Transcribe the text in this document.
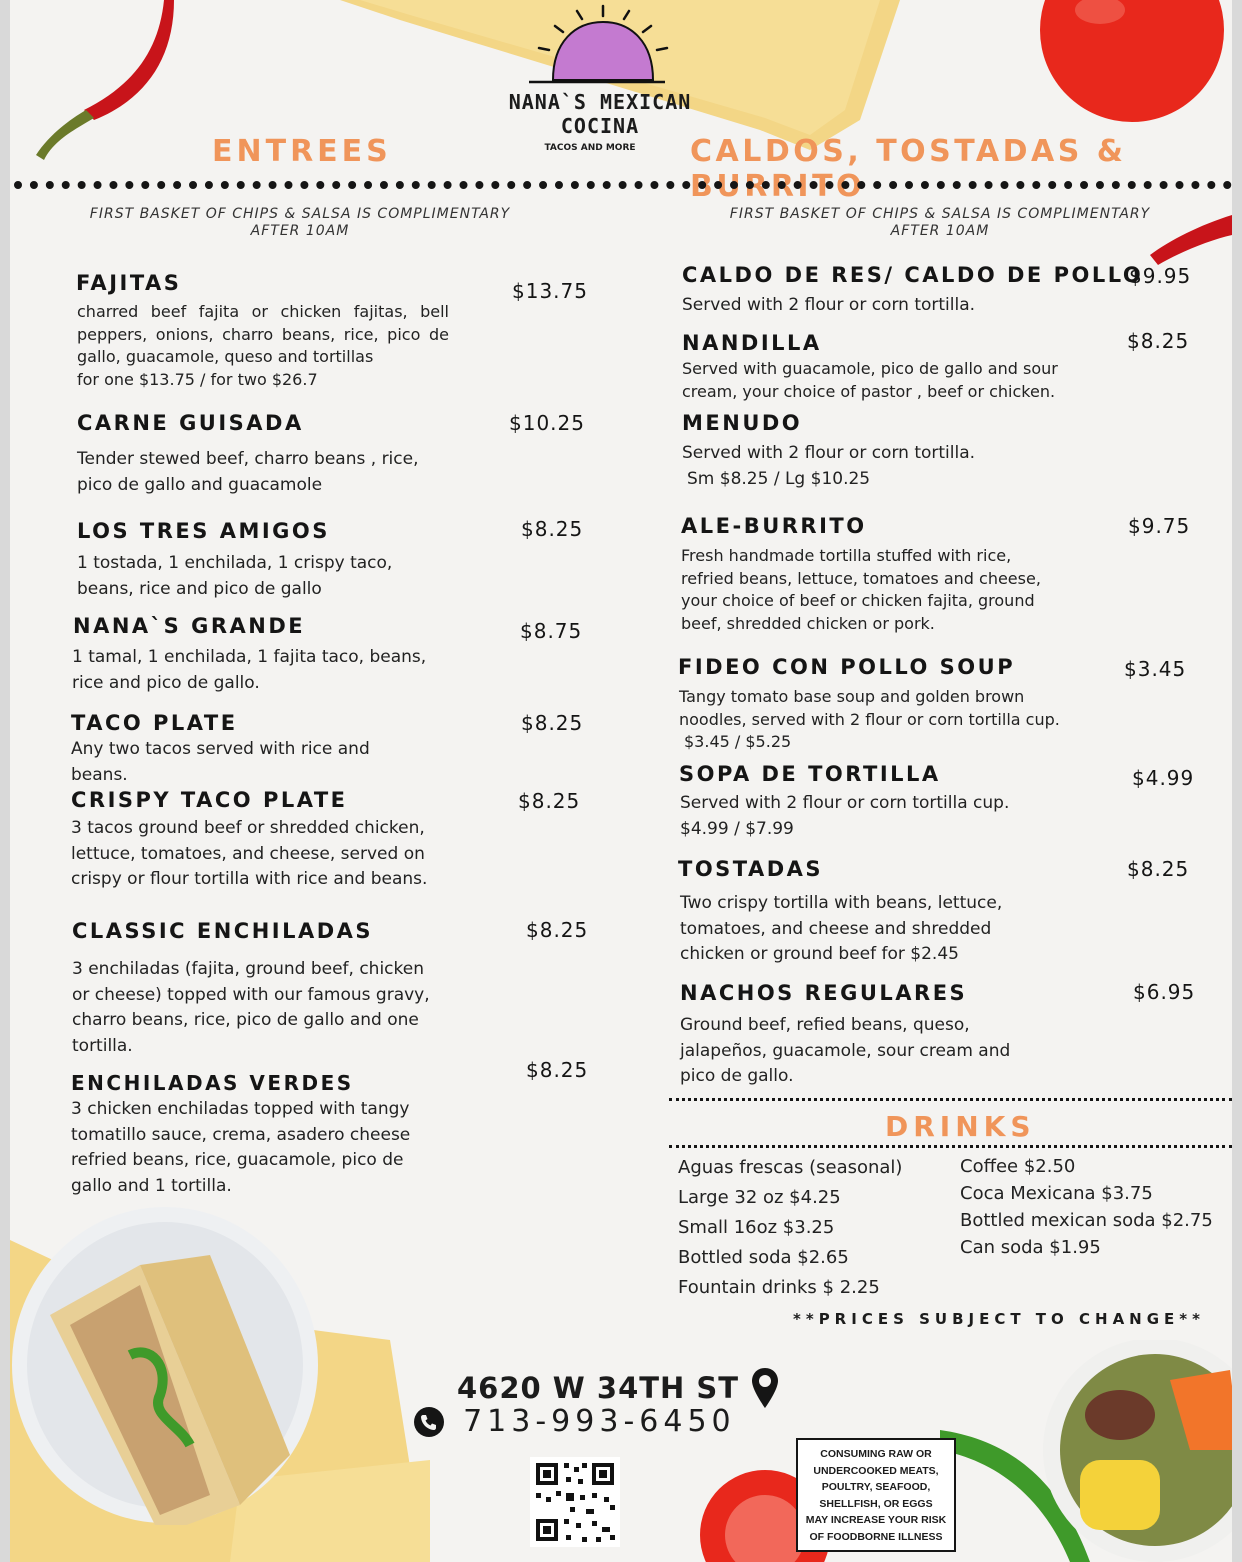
NANA`S MEXICAN
COCINA
TACOS AND MORE
ENTREES	CALDOS, TOSTADAS & BURRITO
FIRST BASKET OF CHIPS & SALSA IS COMPLIMENTARY
AFTER 10AM
FIRST BASKET OF CHIPS & SALSA IS COMPLIMENTARY
AFTER 10AM
FAJITAS	$13.75
charred beef fajita or chicken fajitas, bell peppers, onions, charro beans, rice, pico de gallo, guacamole, queso and tortillas
for one $13.75 / for two $26.7
CARNE GUISADA	$10.25
Tender stewed beef, charro beans , rice, pico de gallo and guacamole
LOS TRES AMIGOS	$8.25
1 tostada, 1 enchilada, 1 crispy taco, beans, rice and pico de gallo
NANA`S GRANDE	$8.75
1 tamal, 1 enchilada, 1 fajita taco, beans, rice and pico de gallo.
TACO PLATE	$8.25
Any two tacos served with rice and beans.
CRISPY TACO PLATE	$8.25
3 tacos ground beef or shredded chicken, lettuce, tomatoes, and cheese, served on crispy or flour tortilla with rice and beans.
CLASSIC ENCHILADAS	$8.25
3 enchiladas (fajita, ground beef, chicken or cheese) topped with our famous gravy, charro beans, rice, pico de gallo and one tortilla.
ENCHILADAS VERDES
$8.25
3 chicken enchiladas topped with tangy tomatillo sauce, crema, asadero cheese refried beans, rice, guacamole, pico de gallo and 1 tortilla.
CALDO DE RES/ CALDO DE POLLO
$9.95
Served with 2 flour or corn tortilla.
NANDILLA	$8.25
Served with guacamole, pico de gallo and sour cream, your choice of pastor , beef or chicken.
MENUDO
Served with 2 flour or corn tortilla.
Sm $8.25 / Lg $10.25
ALE-BURRITO	$9.75
Fresh handmade tortilla stuffed with rice, refried beans, lettuce, tomatoes and cheese, your choice of beef or chicken fajita, ground beef, shredded chicken or pork.
FIDEO CON POLLO SOUP	$3.45
Tangy tomato base soup and golden brown noodles, served with 2 flour or corn tortilla cup.
$3.45 / $5.25
SOPA DE TORTILLA	$4.99
Served with 2 flour or corn tortilla cup.
$4.99 / $7.99
TOSTADAS	$8.25
Two crispy tortilla with beans, lettuce, tomatoes, and cheese and shredded chicken or ground beef for $2.45
NACHOS REGULARES	$6.95
Ground beef, refied beans, queso, jalapeños, guacamole, sour cream and pico de gallo.
DRINKS
Aguas frescas (seasonal)
Large 32 oz $4.25
Small 16oz $3.25
Bottled soda $2.65
Fountain drinks $ 2.25
Coffee $2.50
Coca Mexicana $3.75
Bottled mexican soda $2.75
Can soda $1.95
**PRICES SUBJECT TO CHANGE**
4620 W 34TH ST
713-993-6450
CONSUMING RAW OR
UNDERCOOKED MEATS,
POULTRY, SEAFOOD,
SHELLFISH, OR EGGS
MAY INCREASE YOUR RISK
OF FOODBORNE ILLNESS
